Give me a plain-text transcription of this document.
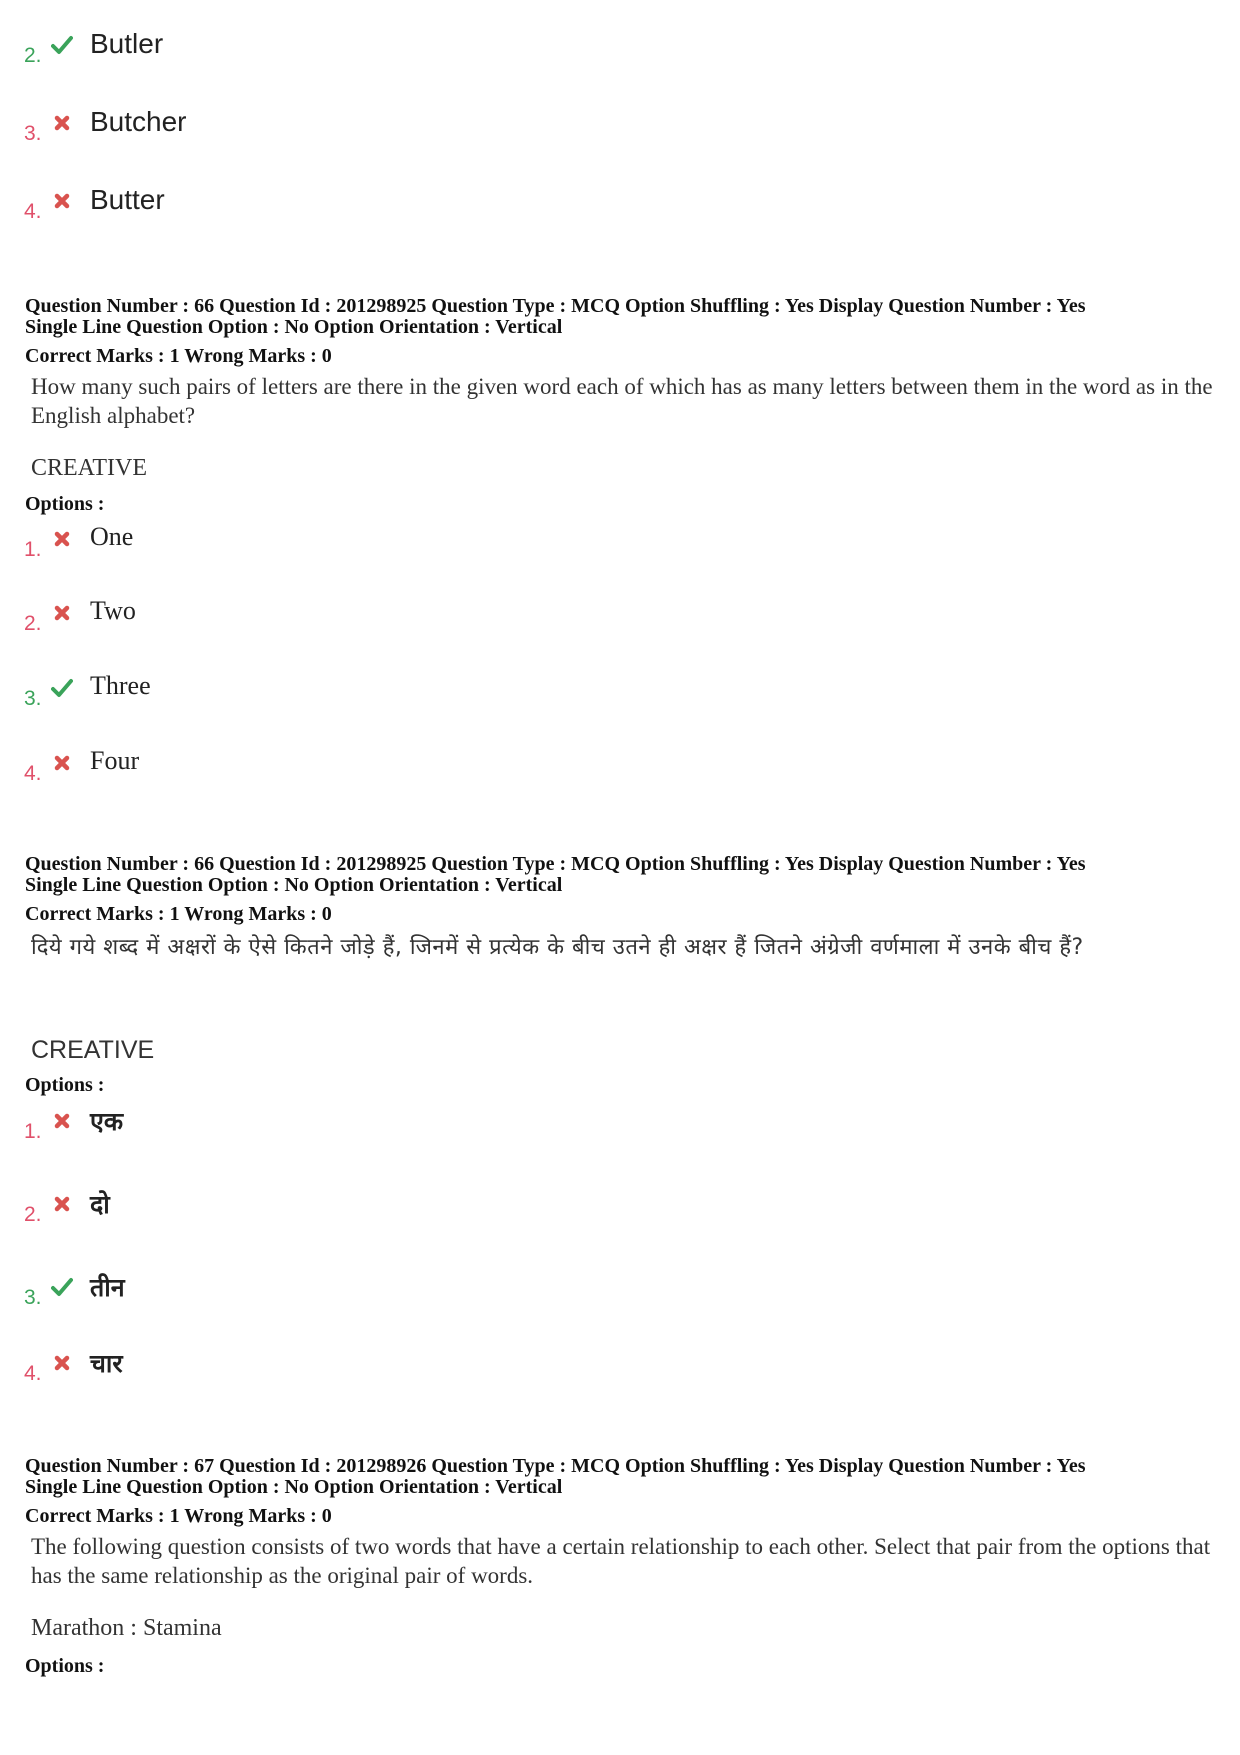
2. Butler
3. Butcher
4. Butter
Question Number : 66 Question Id : 201298925 Question Type : MCQ Option Shuffling : Yes Display Question Number : Yes
Single Line Question Option : No Option Orientation : Vertical
Correct Marks : 1 Wrong Marks : 0
How many such pairs of letters are there in the given word each of which has as many letters between them in the word as in the English alphabet?
CREATIVE
Options :
1. One
2. Two
3. Three
4. Four
Question Number : 66 Question Id : 201298925 Question Type : MCQ Option Shuffling : Yes Display Question Number : Yes
Single Line Question Option : No Option Orientation : Vertical
Correct Marks : 1 Wrong Marks : 0
दिये गये शब्द में अक्षरों के ऐसे कितने जोड़े हैं, जिनमें से प्रत्येक के बीच उतने ही अक्षर हैं जितने अंग्रेजी वर्णमाला में उनके बीच हैं?
CREATIVE
Options :
1. एक
2. दो
3. तीन
4. चार
Question Number : 67 Question Id : 201298926 Question Type : MCQ Option Shuffling : Yes Display Question Number : Yes
Single Line Question Option : No Option Orientation : Vertical
Correct Marks : 1 Wrong Marks : 0
The following question consists of two words that have a certain relationship to each other. Select that pair from the options that has the same relationship as the original pair of words.
Marathon : Stamina
Options :
